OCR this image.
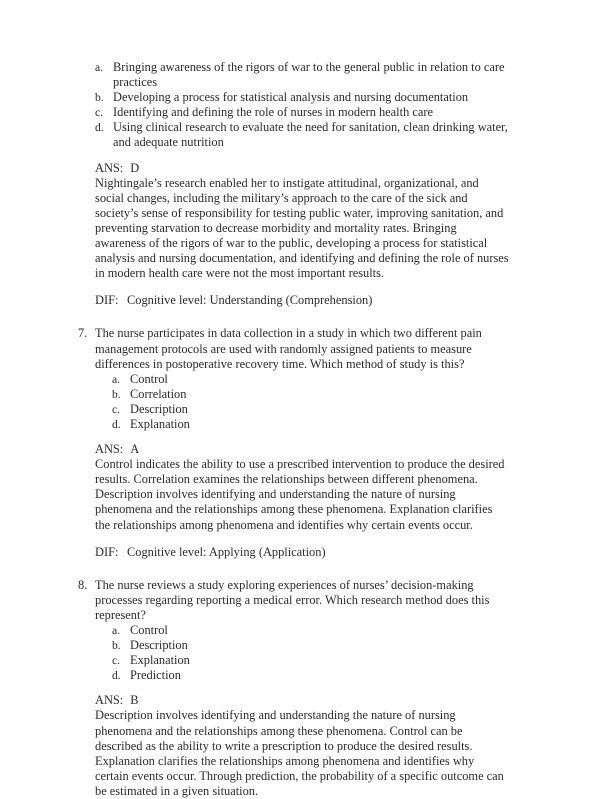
a. Bringing awareness of the rigors of war to the general public in relation to care practices
b. Developing a process for statistical analysis and nursing documentation
c. Identifying and defining the role of nurses in modern health care
d. Using clinical research to evaluate the need for sanitation, clean drinking water, and adequate nutrition

ANS: D

Nightingale’s research enabled her to instigate attitudinal, organizational, and social changes, including the military’s approach to the care of the sick and society’s sense of responsibility for testing public water, improving sanitation, and preventing starvation to decrease morbidity and mortality rates. Bringing awareness of the rigors of war to the public, developing a process for statistical analysis and nursing documentation, and identifying and defining the role of nurses in modern health care were not the most important results.

DIF: Cognitive level: Understanding (Comprehension)

7. The nurse participates in data collection in a study in which two different pain management protocols are used with randomly assigned patients to measure differences in postoperative recovery time. Which method of study is this?

a. Control
b. Correlation
c. Description
d. Explanation

ANS: A

Control indicates the ability to use a prescribed intervention to produce the desired results. Correlation examines the relationships between different phenomena. Description involves identifying and understanding the nature of nursing phenomena and the relationships among these phenomena. Explanation clarifies the relationships among phenomena and identifies why certain events occur.

DIF: Cognitive level: Applying (Application)

8. The nurse reviews a study exploring experiences of nurses’ decision-making processes regarding reporting a medical error. Which research method does this represent?

a. Control
b. Description
c. Explanation
d. Prediction

ANS: B

Description involves identifying and understanding the nature of nursing phenomena and the relationships among these phenomena. Control can be described as the ability to write a prescription to produce the desired results. Explanation clarifies the relationships among phenomena and identifies why certain events occur. Through prediction, the probability of a specific outcome can be estimated in a given situation.
